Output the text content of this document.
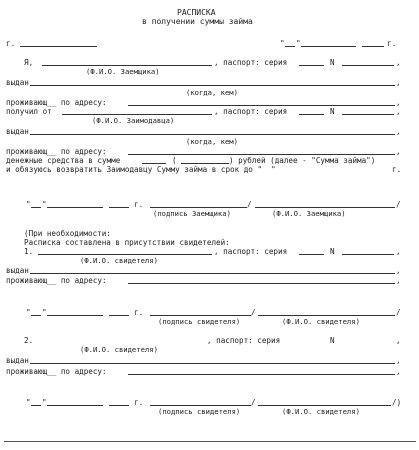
РАСПИСКА
в получении суммы займа
г.	" "	г.
Я,	, паспорт: серия	N	,
(Ф.И.О. Заемщика)
выдан	,
(когда, кем)
проживающ__ по адресу:	,
получил от	, паспорт: серия	N	,
(Ф.И.О. Заимодавца)
выдан	,
(когда, кем)
проживающ__ по адресу:	,
денежные средства в сумме	(	) рублей (далее - "Сумма займа")
и обязуюсь возвратить Заимодавцу Сумму займа в срок до "  "	г.
" "	г.	/	/
(подпись Заемщика)	(Ф.И.О. Заемщика)
(При необходимости:
Расписка составлена в присутствии свидетелей:
1.	, паспорт: серия	N	,
(Ф.И.О. свидетеля)
выдан	,
проживающ__ по адресу:	,
" "	г.	/	/
(подпись свидетеля)	(Ф.И.О. свидетеля)
2.	, паспорт: серия	N	,
(Ф.И.О. свидетеля)
выдан	,
проживающ__ по адресу:	,
" "	г.	/	/)
(подпись свидетеля)	(Ф.И.О. свидетеля)
